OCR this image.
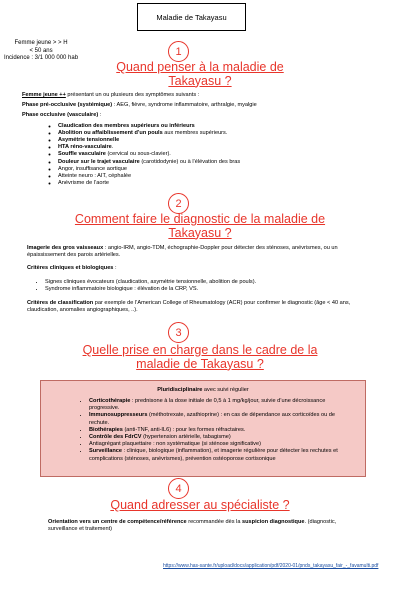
Maladie de Takayasu
Femme jeune > > H
< 50 ans
Incidence : 3/1 000 000 hab
1
Quand penser à la maladie de
Takayasu ?
Femme jeune ++ présentant un ou plusieurs des symptômes suivants :
Phase pré-occlusive (systémique) : AEG, fièvre, syndrome inflammatoire, arthralgie, myalgie
Phase occlusive (vasculaire) :
◦ Claudication des membres supérieurs ou inférieurs
◦ Abolition ou affaiblissement d’un pouls aux membres supérieurs.
◦ Asymétrie tensionnelle
◦ HTA réno-vasculaire.
◦ Souffle vasculaire (cervical ou sous-clavier).
◦ Douleur sur le trajet vasculaire (carotidodynie) ou à l’élévation des bras
◦ Angor, insuffisance aortique
◦ Atteinte neuro : AIT, céphalée
◦ Anévrisme de l’aorte
2
Comment faire le diagnostic de la maladie de
Takayasu ?
Imagerie des gros vaisseaux : angio-IRM, angio-TDM, échographie-Doppler pour détecter des sténoses, anévrismes, ou un épaississement des parois artérielles.
Critères cliniques et biologiques :
• Signes cliniques évocateurs (claudication, asymétrie tensionnelle, abolition de pouls).
• Syndrome inflammatoire biologique : élévation de la CRP, VS.
Critères de classification par exemple de l’American College of Rheumatology (ACR) pour confirmer le diagnostic (âge < 40 ans, claudication, anomalies angiographiques, ..).
3
Quelle prise en charge dans le cadre de la
maladie de Takayasu ?
Pluridisciplinaire avec suivi régulier
• Corticothérapie : prednisone à la dose initiale de 0,5 à 1 mg/kg/jour, suivie d’une décroissance progressive.
• Immunosuppresseurs (méthotrexate, azathioprine) : en cas de dépendance aux corticoïdes ou de rechute.
• Biothérapies (anti-TNF, anti-IL6) : pour les formes réfractaires.
• Contrôle des FdrCV (hypertension artérielle, tabagisme)
• Antiagrégant plaquettaire : non systématique (si sténose significative)
• Surveillance : clinique, biologique (inflammation), et imagerie régulière pour détecter les rechutes et complications (sténoses, anévrismes), prévention ostéoporose cortisonique
4
Quand adresser au spécialiste ?
Orientation vers un centre de compétence/référence recommandée dès la suspicion diagnostique. (diagnostic, surveillance et traitement)
https://www.has-sante.fr/upload/docs/application/pdf/2020-01/pnds_takayasu_fair_-_favamulti.pdf
